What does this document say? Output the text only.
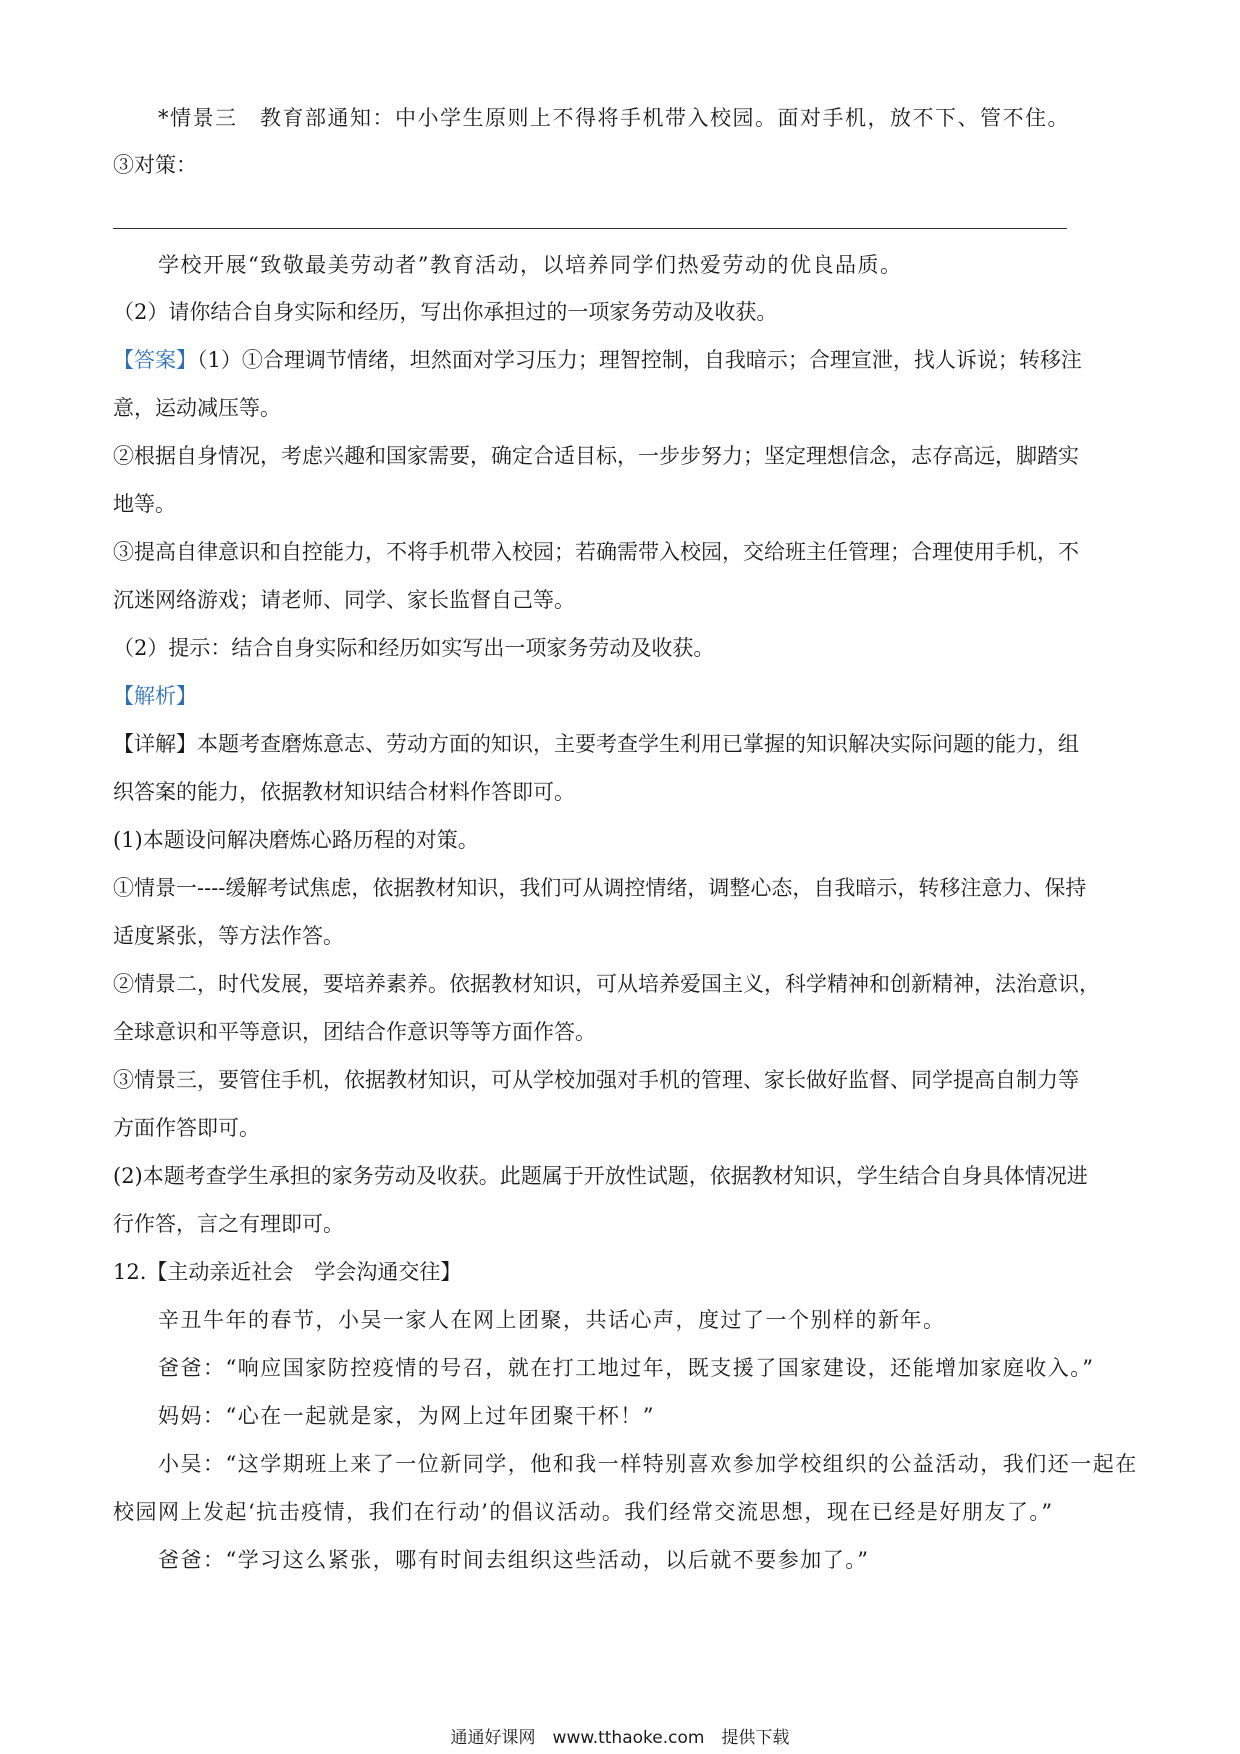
*情景三　教育部通知：中小学生原则上不得将手机带入校园。面对手机，放不下、管不住。
③对策：
学校开展“致敬最美劳动者”教育活动，以培养同学们热爱劳动的优良品质。
（2）请你结合自身实际和经历，写出你承担过的一项家务劳动及收获。
【答案】（1）①合理调节情绪，坦然面对学习压力；理智控制，自我暗示；合理宣泄，找人诉说；转移注
意，运动减压等。
②根据自身情况，考虑兴趣和国家需要，确定合适目标，一步步努力；坚定理想信念，志存高远，脚踏实
地等。
③提高自律意识和自控能力，不将手机带入校园；若确需带入校园，交给班主任管理；合理使用手机，不
沉迷网络游戏；请老师、同学、家长监督自己等。
（2）提示：结合自身实际和经历如实写出一项家务劳动及收获。
【解析】
【详解】本题考查磨炼意志、劳动方面的知识，主要考查学生利用已掌握的知识解决实际问题的能力，组
织答案的能力，依据教材知识结合材料作答即可。
(1)本题设问解决磨炼心路历程的对策。
①情景一----缓解考试焦虑，依据教材知识，我们可从调控情绪，调整心态，自我暗示，转移注意力、保持
适度紧张，等方法作答。
②情景二，时代发展，要培养素养。依据教材知识，可从培养爱国主义，科学精神和创新精神，法治意识，
全球意识和平等意识，团结合作意识等等方面作答。
③情景三，要管住手机，依据教材知识，可从学校加强对手机的管理、家长做好监督、同学提高自制力等
方面作答即可。
(2)本题考查学生承担的家务劳动及收获。此题属于开放性试题，依据教材知识，学生结合自身具体情况进
行作答，言之有理即可。
12.【主动亲近社会　学会沟通交往】
辛丑牛年的春节，小吴一家人在网上团聚，共话心声，度过了一个别样的新年。
爸爸：“响应国家防控疫情的号召，就在打工地过年，既支援了国家建设，还能增加家庭收入。”
妈妈：“心在一起就是家，为网上过年团聚干杯！”
小吴：“这学期班上来了一位新同学，他和我一样特别喜欢参加学校组织的公益活动，我们还一起在
校园网上发起‘抗击疫情，我们在行动’的倡议活动。我们经常交流思想，现在已经是好朋友了。”
爸爸：“学习这么紧张，哪有时间去组织这些活动，以后就不要参加了。”
通通好课网　www.tthaoke.com　提供下载
